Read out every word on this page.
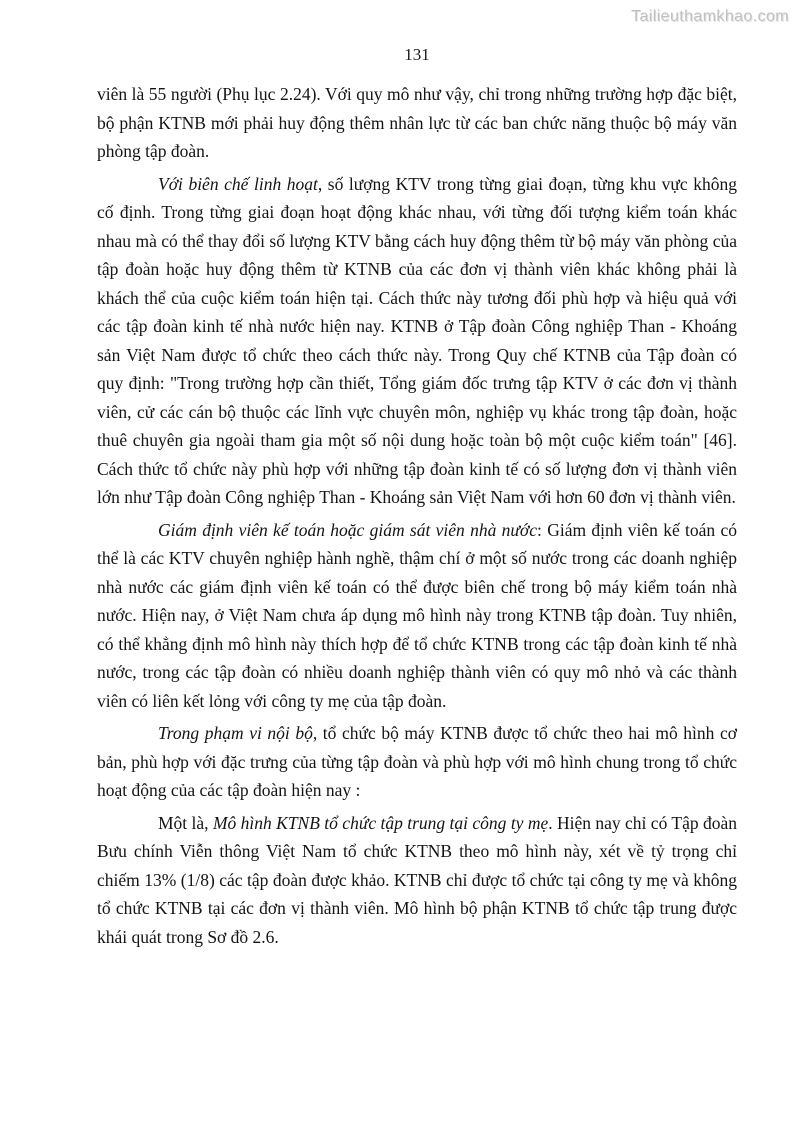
Tailieuthamkhao.com
131

viên là 55 người (Phụ lục 2.24). Với quy mô như vậy, chỉ trong những trường hợp đặc biệt, bộ phận KTNB mới phải huy động thêm nhân lực từ các ban chức năng thuộc bộ máy văn phòng tập đoàn.

Với biên chế linh hoạt, số lượng KTV trong từng giai đoạn, từng khu vực không cố định. Trong từng giai đoạn hoạt động khác nhau, với từng đối tượng kiểm toán khác nhau mà có thể thay đổi số lượng KTV bằng cách huy động thêm từ bộ máy văn phòng của tập đoàn hoặc huy động thêm từ KTNB của các đơn vị thành viên khác không phải là khách thể của cuộc kiểm toán hiện tại. Cách thức này tương đối phù hợp và hiệu quả với các tập đoàn kinh tế nhà nước hiện nay. KTNB ở Tập đoàn Công nghiệp Than - Khoáng sản Việt Nam được tổ chức theo cách thức này. Trong Quy chế KTNB của Tập đoàn có quy định: "Trong trường hợp cần thiết, Tổng giám đốc trưng tập KTV ở các đơn vị thành viên, cử các cán bộ thuộc các lĩnh vực chuyên môn, nghiệp vụ khác trong tập đoàn, hoặc thuê chuyên gia ngoài tham gia một số nội dung hoặc toàn bộ một cuộc kiểm toán" [46]. Cách thức tổ chức này phù hợp với những tập đoàn kinh tế có số lượng đơn vị thành viên lớn như Tập đoàn Công nghiệp Than - Khoáng sản Việt Nam với hơn 60 đơn vị thành viên.

Giám định viên kế toán hoặc giám sát viên nhà nước: Giám định viên kế toán có thể là các KTV chuyên nghiệp hành nghề, thậm chí ở một số nước trong các doanh nghiệp nhà nước các giám định viên kế toán có thể được biên chế trong bộ máy kiểm toán nhà nước. Hiện nay, ở Việt Nam chưa áp dụng mô hình này trong KTNB tập đoàn. Tuy nhiên, có thể khẳng định mô hình này thích hợp để tổ chức KTNB trong các tập đoàn kinh tế nhà nước, trong các tập đoàn có nhiều doanh nghiệp thành viên có quy mô nhỏ và các thành viên có liên kết lỏng với công ty mẹ của tập đoàn.

Trong phạm vi nội bộ, tổ chức bộ máy KTNB được tổ chức theo hai mô hình cơ bản, phù hợp với đặc trưng của từng tập đoàn và phù hợp với mô hình chung trong tổ chức hoạt động của các tập đoàn hiện nay :

Một là, Mô hình KTNB tổ chức tập trung tại công ty mẹ. Hiện nay chỉ có Tập đoàn Bưu chính Viễn thông Việt Nam tổ chức KTNB theo mô hình này, xét về tỷ trọng chỉ chiếm 13% (1/8) các tập đoàn được khảo. KTNB chỉ được tổ chức tại công ty mẹ và không tổ chức KTNB tại các đơn vị thành viên. Mô hình bộ phận KTNB tổ chức tập trung được khái quát trong Sơ đồ 2.6.
